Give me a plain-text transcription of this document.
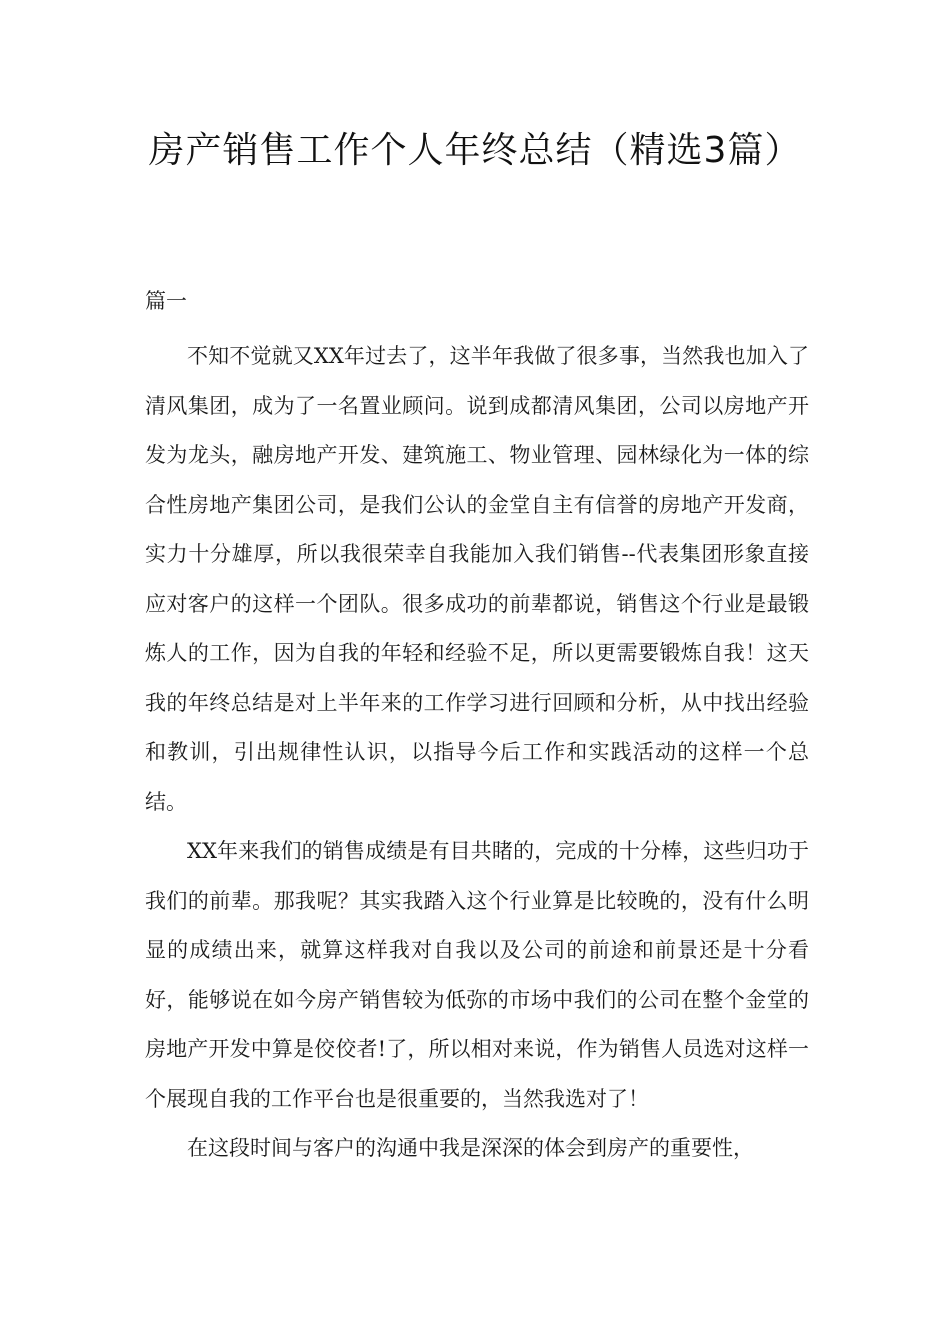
房产销售工作个人年终总结（精选3篇）

篇一

不知不觉就又XX年过去了，这半年我做了很多事，当然我也加入了清风集团，成为了一名置业顾问。说到成都清风集团，公司以房地产开发为龙头，融房地产开发、建筑施工、物业管理、园林绿化为一体的综合性房地产集团公司，是我们公认的金堂自主有信誉的房地产开发商，实力十分雄厚，所以我很荣幸自我能加入我们销售--代表集团形象直接应对客户的这样一个团队。很多成功的前辈都说，销售这个行业是最锻炼人的工作，因为自我的年轻和经验不足，所以更需要锻炼自我！这天我的年终总结是对上半年来的工作学习进行回顾和分析，从中找出经验和教训，引出规律性认识，以指导今后工作和实践活动的这样一个总结。

XX年来我们的销售成绩是有目共睹的，完成的十分棒，这些归功于我们的前辈。那我呢？其实我踏入这个行业算是比较晚的，没有什么明显的成绩出来，就算这样我对自我以及公司的前途和前景还是十分看好，能够说在如今房产销售较为低弥的市场中我们的公司在整个金堂的房地产开发中算是佼佼者!了，所以相对来说，作为销售人员选对这样一个展现自我的工作平台也是很重要的，当然我选对了！

在这段时间与客户的沟通中我是深深的体会到房产的重要性，
